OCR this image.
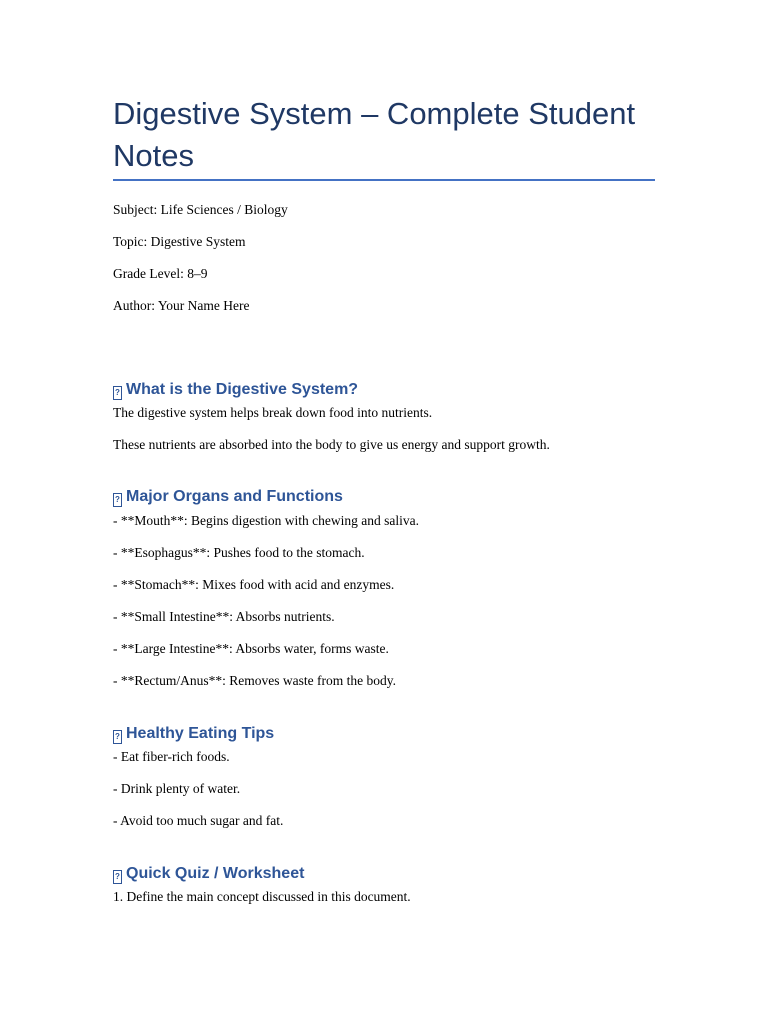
Digestive System – Complete Student Notes

Subject: Life Sciences / Biology

Topic: Digestive System

Grade Level: 8–9

Author: Your Name Here

? What is the Digestive System?

The digestive system helps break down food into nutrients.

These nutrients are absorbed into the body to give us energy and support growth.

? Major Organs and Functions

- **Mouth**: Begins digestion with chewing and saliva.

- **Esophagus**: Pushes food to the stomach.

- **Stomach**: Mixes food with acid and enzymes.

- **Small Intestine**: Absorbs nutrients.

- **Large Intestine**: Absorbs water, forms waste.

- **Rectum/Anus**: Removes waste from the body.

? Healthy Eating Tips

- Eat fiber-rich foods.

- Drink plenty of water.

- Avoid too much sugar and fat.

? Quick Quiz / Worksheet

1. Define the main concept discussed in this document.
